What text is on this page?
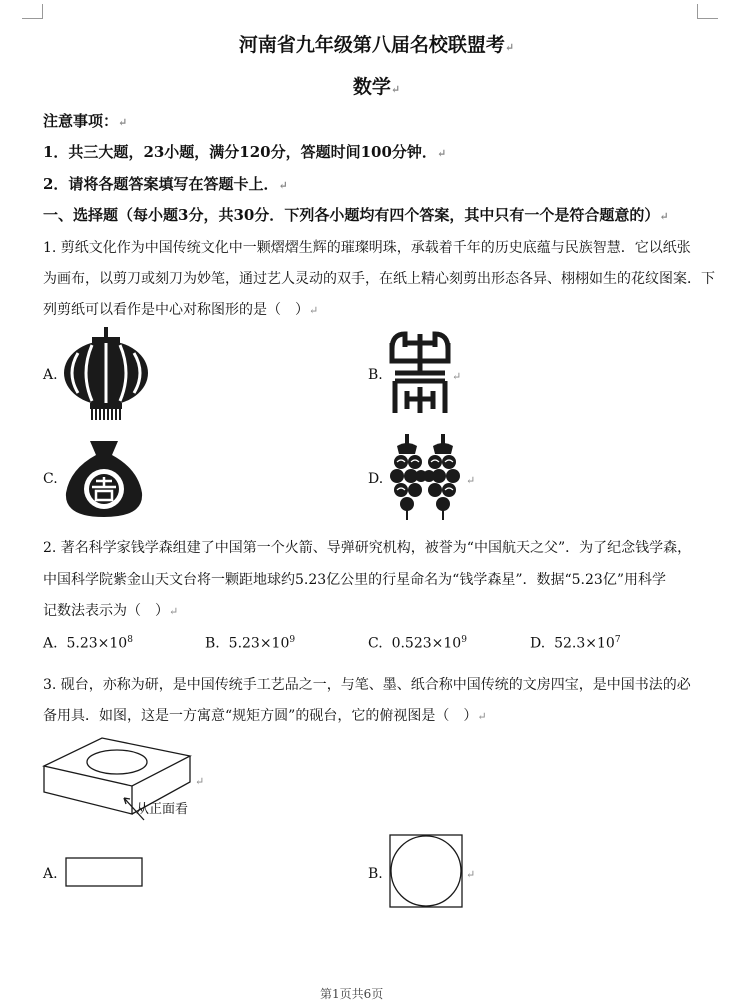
河南省九年级第八届名校联盟考↵
数学↵
注意事项：↵
1．共三大题，23小题，满分120分，答题时间100分钟．↵
2．请将各题答案填写在答题卡上．↵
一、选择题（每小题3分，共30分．下列各小题均有四个答案，其中只有一个是符合题意的）↵
1. 剪纸文化作为中国传统文化中一颗熠熠生辉的璀璨明珠，承载着千年的历史底蕴与民族智慧．它以纸张
为画布，以剪刀或刻刀为妙笔，通过艺人灵动的双手，在纸上精心刻剪出形态各异、栩栩如生的花纹图案．下
列剪纸可以看作是中心对称图形的是（　）↵
A.	B.	↵
C.	D.	↵
2. 著名科学家钱学森组建了中国第一个火箭、导弹研究机构，被誉为“中国航天之父”．为了纪念钱学森，
中国科学院紫金山天文台将一颗距地球约5.23亿公里的行星命名为“钱学森星”．数据“5.23亿”用科学
记数法表示为（　）↵
A. $5.23\times 10^8$	B. $5.23\times 10^9$	C. $0.523\times 10^9$	D. $52.3\times 10^7$
3. 砚台，亦称为研，是中国传统手工艺品之一，与笔、墨、纸合称中国传统的文房四宝，是中国书法的必
备用具．如图，这是一方寓意“规矩方圆”的砚台，它的俯视图是（　）↵
↵
从正面看
A.	B.	↵
第1页共6页
